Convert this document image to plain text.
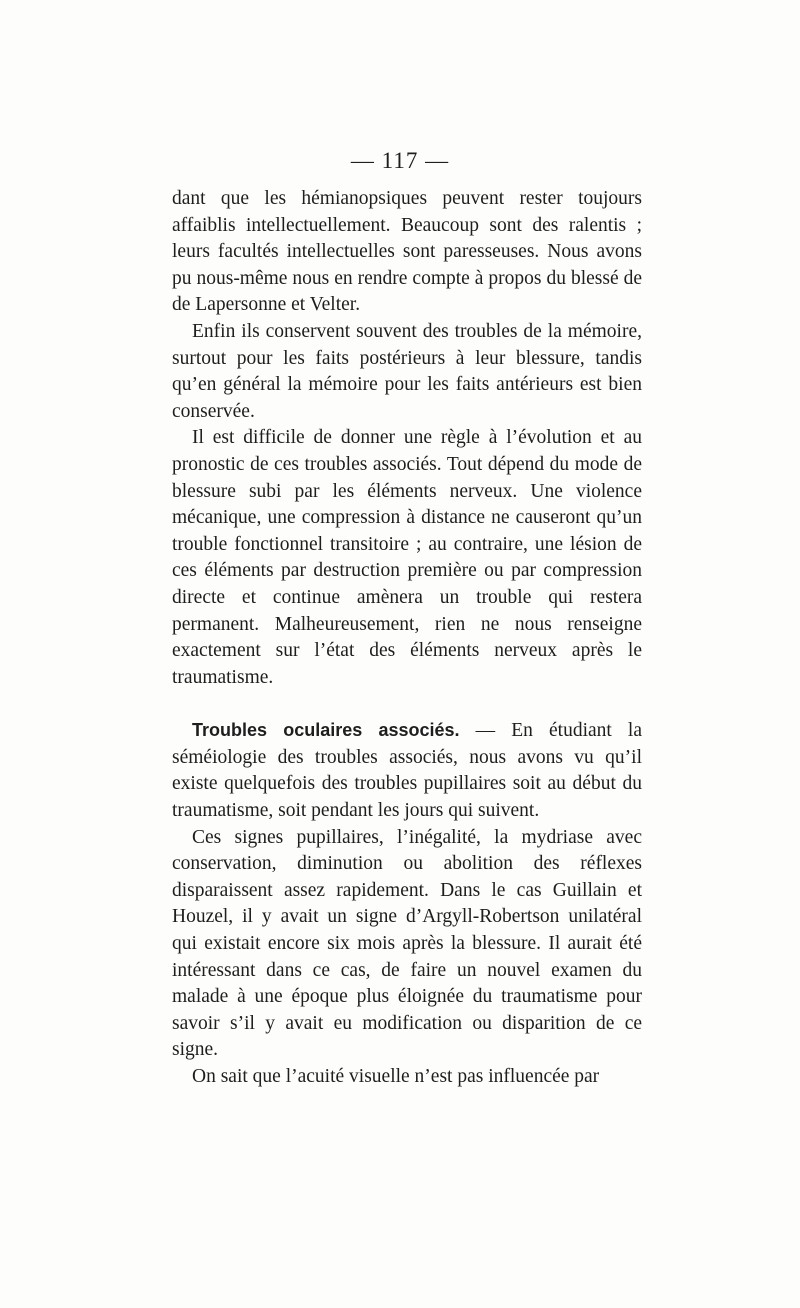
— 117 —

dant que les hémianopsiques peuvent rester toujours affaiblis intellectuellement. Beaucoup sont des ralentis ; leurs facultés intellectuelles sont paresseuses. Nous avons pu nous-même nous en rendre compte à propos du blessé de de Lapersonne et Velter.

Enfin ils conservent souvent des troubles de la mémoire, surtout pour les faits postérieurs à leur blessure, tandis qu’en général la mémoire pour les faits antérieurs est bien conservée.

Il est difficile de donner une règle à l’évolution et au pronostic de ces troubles associés. Tout dépend du mode de blessure subi par les éléments nerveux. Une violence mécanique, une compression à distance ne causeront qu’un trouble fonctionnel transitoire ; au contraire, une lésion de ces éléments par destruction première ou par compression directe et continue amènera un trouble qui restera permanent. Malheureusement, rien ne nous renseigne exactement sur l’état des éléments nerveux après le traumatisme.

Troubles oculaires associés. — En étudiant la séméiologie des troubles associés, nous avons vu qu’il existe quelquefois des troubles pupillaires soit au début du traumatisme, soit pendant les jours qui suivent.

Ces signes pupillaires, l’inégalité, la mydriase avec conservation, diminution ou abolition des réflexes disparaissent assez rapidement. Dans le cas Guillain et Houzel, il y avait un signe d’Argyll-Robertson unilatéral qui existait encore six mois après la blessure. Il aurait été intéressant dans ce cas, de faire un nouvel examen du malade à une époque plus éloignée du traumatisme pour savoir s’il y avait eu modification ou disparition de ce signe.

On sait que l’acuité visuelle n’est pas influencée par
